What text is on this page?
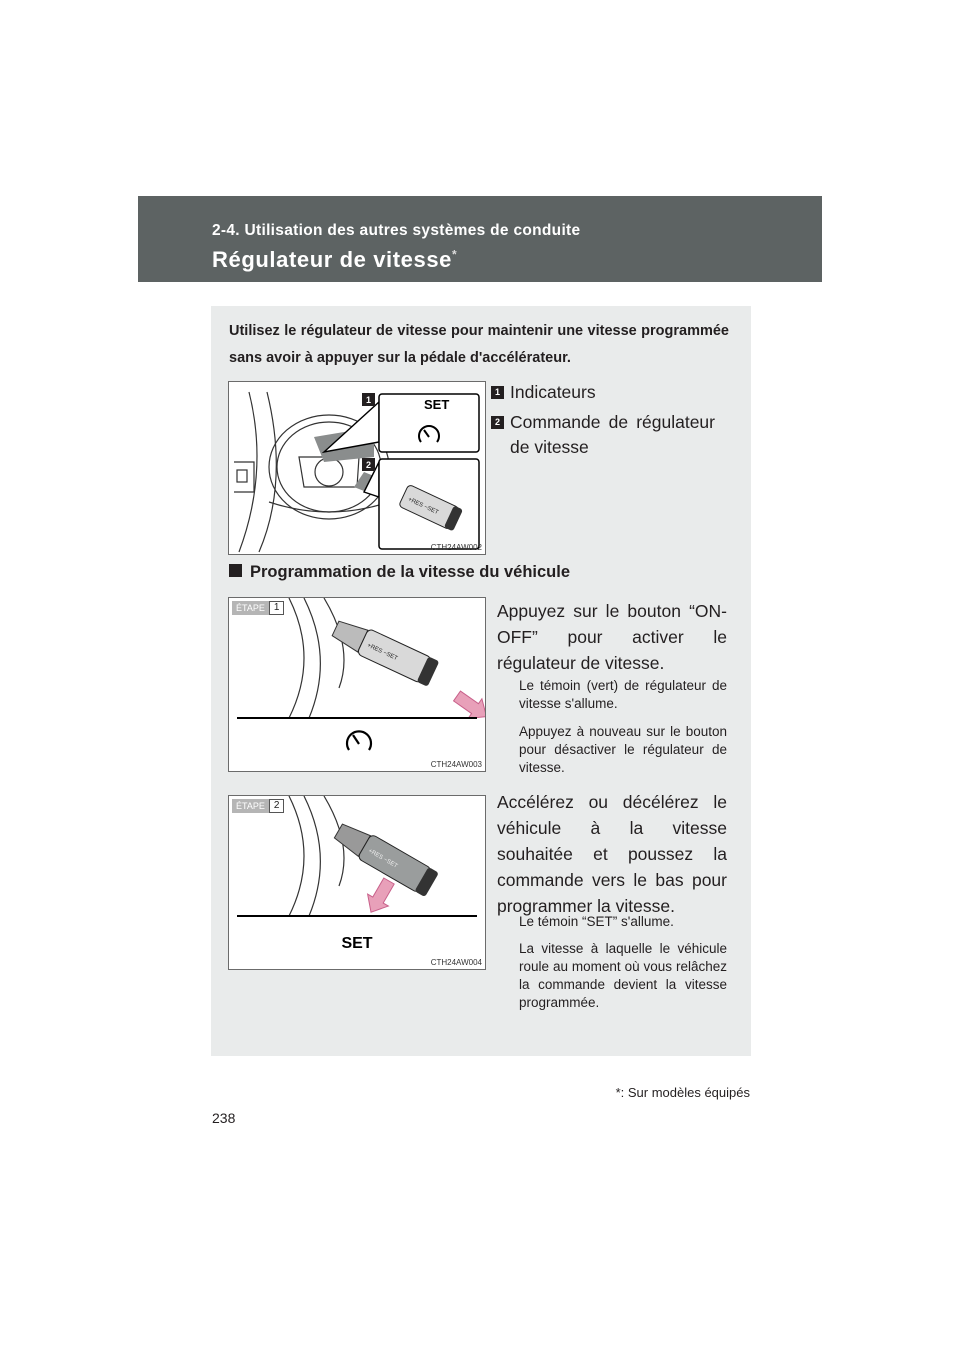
2-4. Utilisation des autres systèmes de conduite
Régulateur de vitesse*
Utilisez le régulateur de vitesse pour maintenir une vitesse programmée sans avoir à appuyer sur la pédale d'accélérateur.
SET
+RES −SET
1
2
CTH24AW002
1 Indicateurs
2 Commande de régulateur de vitesse
Programmation de la vitesse du véhicule
+RES −SET
ÉTAPE 1
CTH24AW003
Appuyez sur le bouton “ON-OFF” pour activer le régulateur de vitesse.
Le témoin (vert) de régulateur de vitesse s'allume.
Appuyez à nouveau sur le bouton pour désactiver le régulateur de vitesse.
+RES −SET
SET
ÉTAPE 2
CTH24AW004
Accélérez ou décélérez le véhicule à la vitesse souhaitée et poussez la commande vers le bas pour programmer la vitesse.
Le témoin “SET” s'allume.
La vitesse à laquelle le véhicule roule au moment où vous relâchez la commande devient la vitesse programmée.
*: Sur modèles équipés
238
